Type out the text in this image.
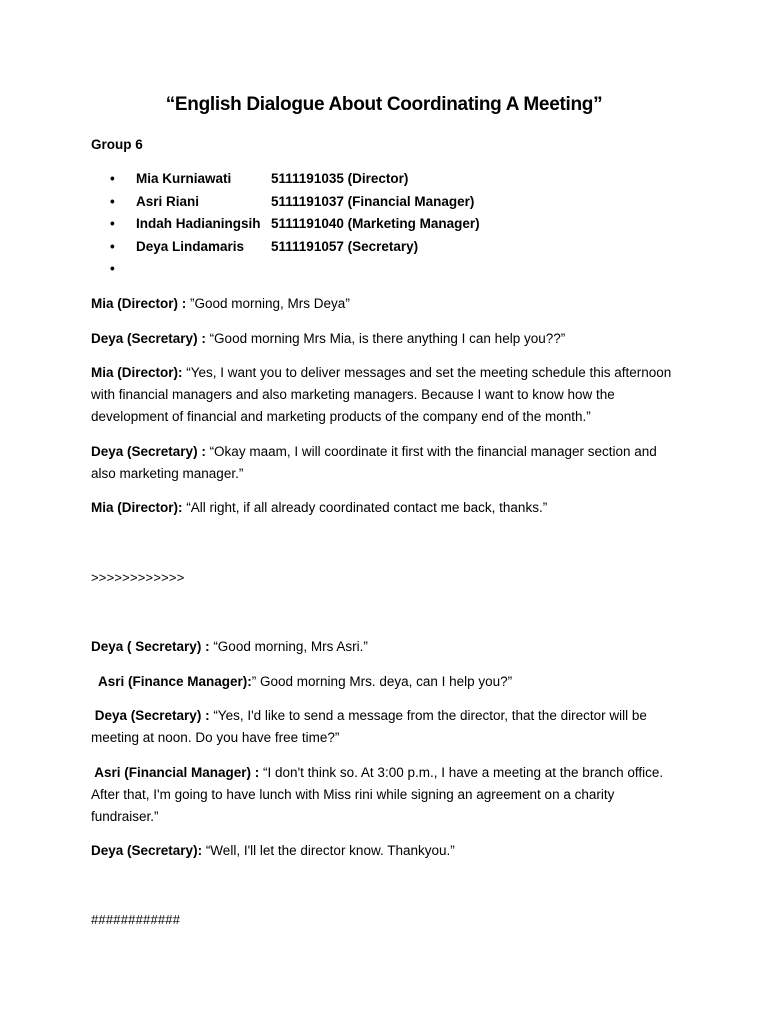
“English Dialogue About Coordinating A Meeting”
Group 6
•	Mia Kurniawati	5111191035 (Director)
•	Asri Riani	5111191037 (Financial Manager)
•	Indah Hadianingsih 5111191040 (Marketing Manager)
•	Deya Lindamaris 5111191057 (Secretary)
•
Mia (Director) : ”Good morning, Mrs Deya”
Deya (Secretary) : “Good morning Mrs Mia, is there anything I can help you??”
Mia (Director): “Yes, I want you to deliver messages and set the meeting schedule this afternoon with financial managers and also marketing managers. Because I want to know how the development of financial and marketing products of the company end of the month.”
Deya (Secretary) : “Okay maam, I will coordinate it first with the financial manager section and also marketing manager.”
Mia (Director): “All right, if all already coordinated contact me back, thanks.”
>>>>>>>>>>>>
Deya ( Secretary) : “Good morning, Mrs Asri.”
Asri (Finance Manager):” Good morning Mrs. deya, can I help you?”
Deya (Secretary) : “Yes, I'd like to send a message from the director, that the director will be meeting at noon. Do you have free time?”
Asri (Financial Manager) : “I don't think so. At 3:00 p.m., I have a meeting at the branch office. After that, I'm going to have lunch with Miss rini while signing an agreement on a charity fundraiser.”
Deya (Secretary): “Well, I'll let the director know. Thankyou.”
############
